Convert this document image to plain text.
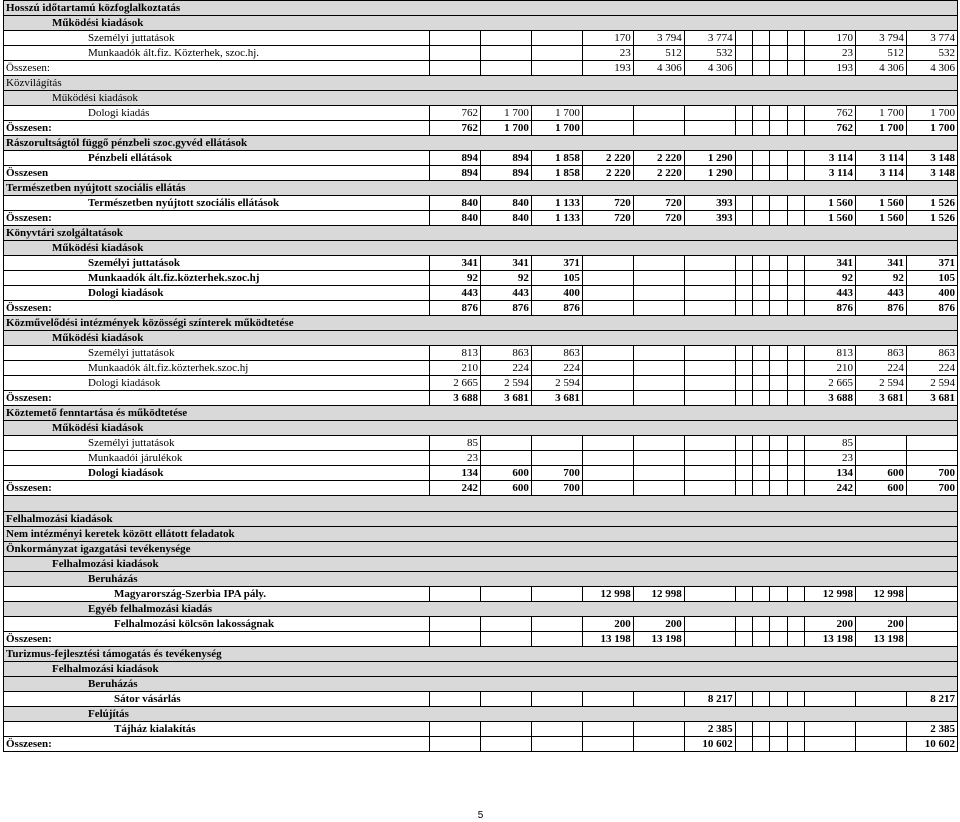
Hosszú időtartamú közfoglalkoztatás													
Működési kiadások													
Személyi juttatások				170	3 794	3 774					170	3 794	3 774
Munkaadók ált.fiz. Közterhek, szoc.hj.				23	512	532					23	512	532
Összesen:				193	4 306	4 306					193	4 306	4 306
Közvilágítás													
Működési kiadások													
Dologi kiadás	762	1 700	1 700								762	1 700	1 700
Összesen:	762	1 700	1 700								762	1 700	1 700
Rászorultságtól függő pénzbeli szoc.gyvéd ellátások													
Pénzbeli ellátások	894	894	1 858	2 220	2 220	1 290					3 114	3 114	3 148
Összesen	894	894	1 858	2 220	2 220	1 290					3 114	3 114	3 148
Természetben nyújtott szociális ellátás													
Természetben nyújtott szociális ellátások	840	840	1 133	720	720	393					1 560	1 560	1 526
Összesen:	840	840	1 133	720	720	393					1 560	1 560	1 526
Könyvtári szolgáltatások													
Működési kiadások													
Személyi juttatások	341	341	371								341	341	371
Munkaadók ált.fiz.közterhek.szoc.hj	92	92	105								92	92	105
Dologi kiadások	443	443	400								443	443	400
Összesen:	876	876	876								876	876	876
Közművelődési intézmények közösségi színterek működtetése													
Működési kiadások													
Személyi juttatások	813	863	863								813	863	863
Munkaadók ált.fiz.közterhek.szoc.hj	210	224	224								210	224	224
Dologi kiadások	2 665	2 594	2 594								2 665	2 594	2 594
Összesen:	3 688	3 681	3 681								3 688	3 681	3 681
Köztemető fenntartása és működtetése													
Működési kiadások													
Személyi juttatások	85										85		
Munkaadói járulékok	23										23		
Dologi kiadások	134	600	700								134	600	700
Összesen:	242	600	700								242	600	700

Felhalmozási kiadások													
Nem intézményi keretek között ellátott feladatok													
Önkormányzat igazgatási tevékenysége													
Felhalmozási kiadások													
Beruházás													
Magyarország-Szerbia IPA pály.				12 998	12 998						12 998	12 998	
Egyéb felhalmozási kiadás													
Felhalmozási kölcsön lakosságnak				200	200						200	200	
Összesen:				13 198	13 198						13 198	13 198	
Turizmus-fejlesztési támogatás és tevékenység													
Felhalmozási kiadások													
Beruházás													
Sátor vásárlás						8 217							8 217
Felújítás													
Tájház kialakítás						2 385							2 385
Összesen:						10 602							10 602
5
